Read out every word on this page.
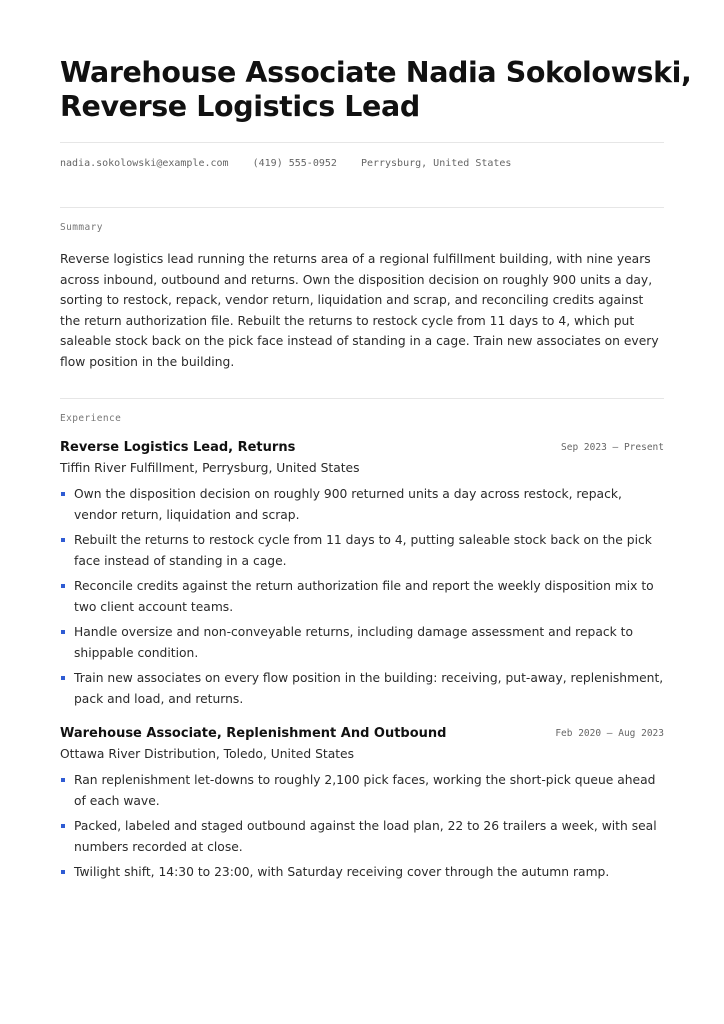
Warehouse Associate Nadia Sokolowski,
Reverse Logistics Lead
nadia.sokolowski@example.com (419) 555-0952 Perrysburg, United States
Summary

Reverse logistics lead running the returns area of a regional fulfillment building, with nine years across inbound, outbound and returns. Own the disposition decision on roughly 900 units a day, sorting to restock, repack, vendor return, liquidation and scrap, and reconciling credits against the return authorization file. Rebuilt the returns to restock cycle from 11 days to 4, which put saleable stock back on the pick face instead of standing in a cage. Train new associates on every flow position in the building.

Experience
Reverse Logistics Lead, Returns	Sep 2023 — Present
Tiffin River Fulfillment, Perrysburg, United States
Own the disposition decision on roughly 900 returned units a day across restock, repack, vendor return, liquidation and scrap.
Rebuilt the returns to restock cycle from 11 days to 4, putting saleable stock back on the pick face instead of standing in a cage.
Reconcile credits against the return authorization file and report the weekly disposition mix to two client account teams.
Handle oversize and non-conveyable returns, including damage assessment and repack to shippable condition.
Train new associates on every flow position in the building: receiving, put-away, replenishment, pack and load, and returns.
Warehouse Associate, Replenishment And Outbound	Feb 2020 — Aug 2023
Ottawa River Distribution, Toledo, United States
Ran replenishment let-downs to roughly 2,100 pick faces, working the short-pick queue ahead of each wave.
Packed, labeled and staged outbound against the load plan, 22 to 26 trailers a week, with seal numbers recorded at close.
Twilight shift, 14:30 to 23:00, with Saturday receiving cover through the autumn ramp.
